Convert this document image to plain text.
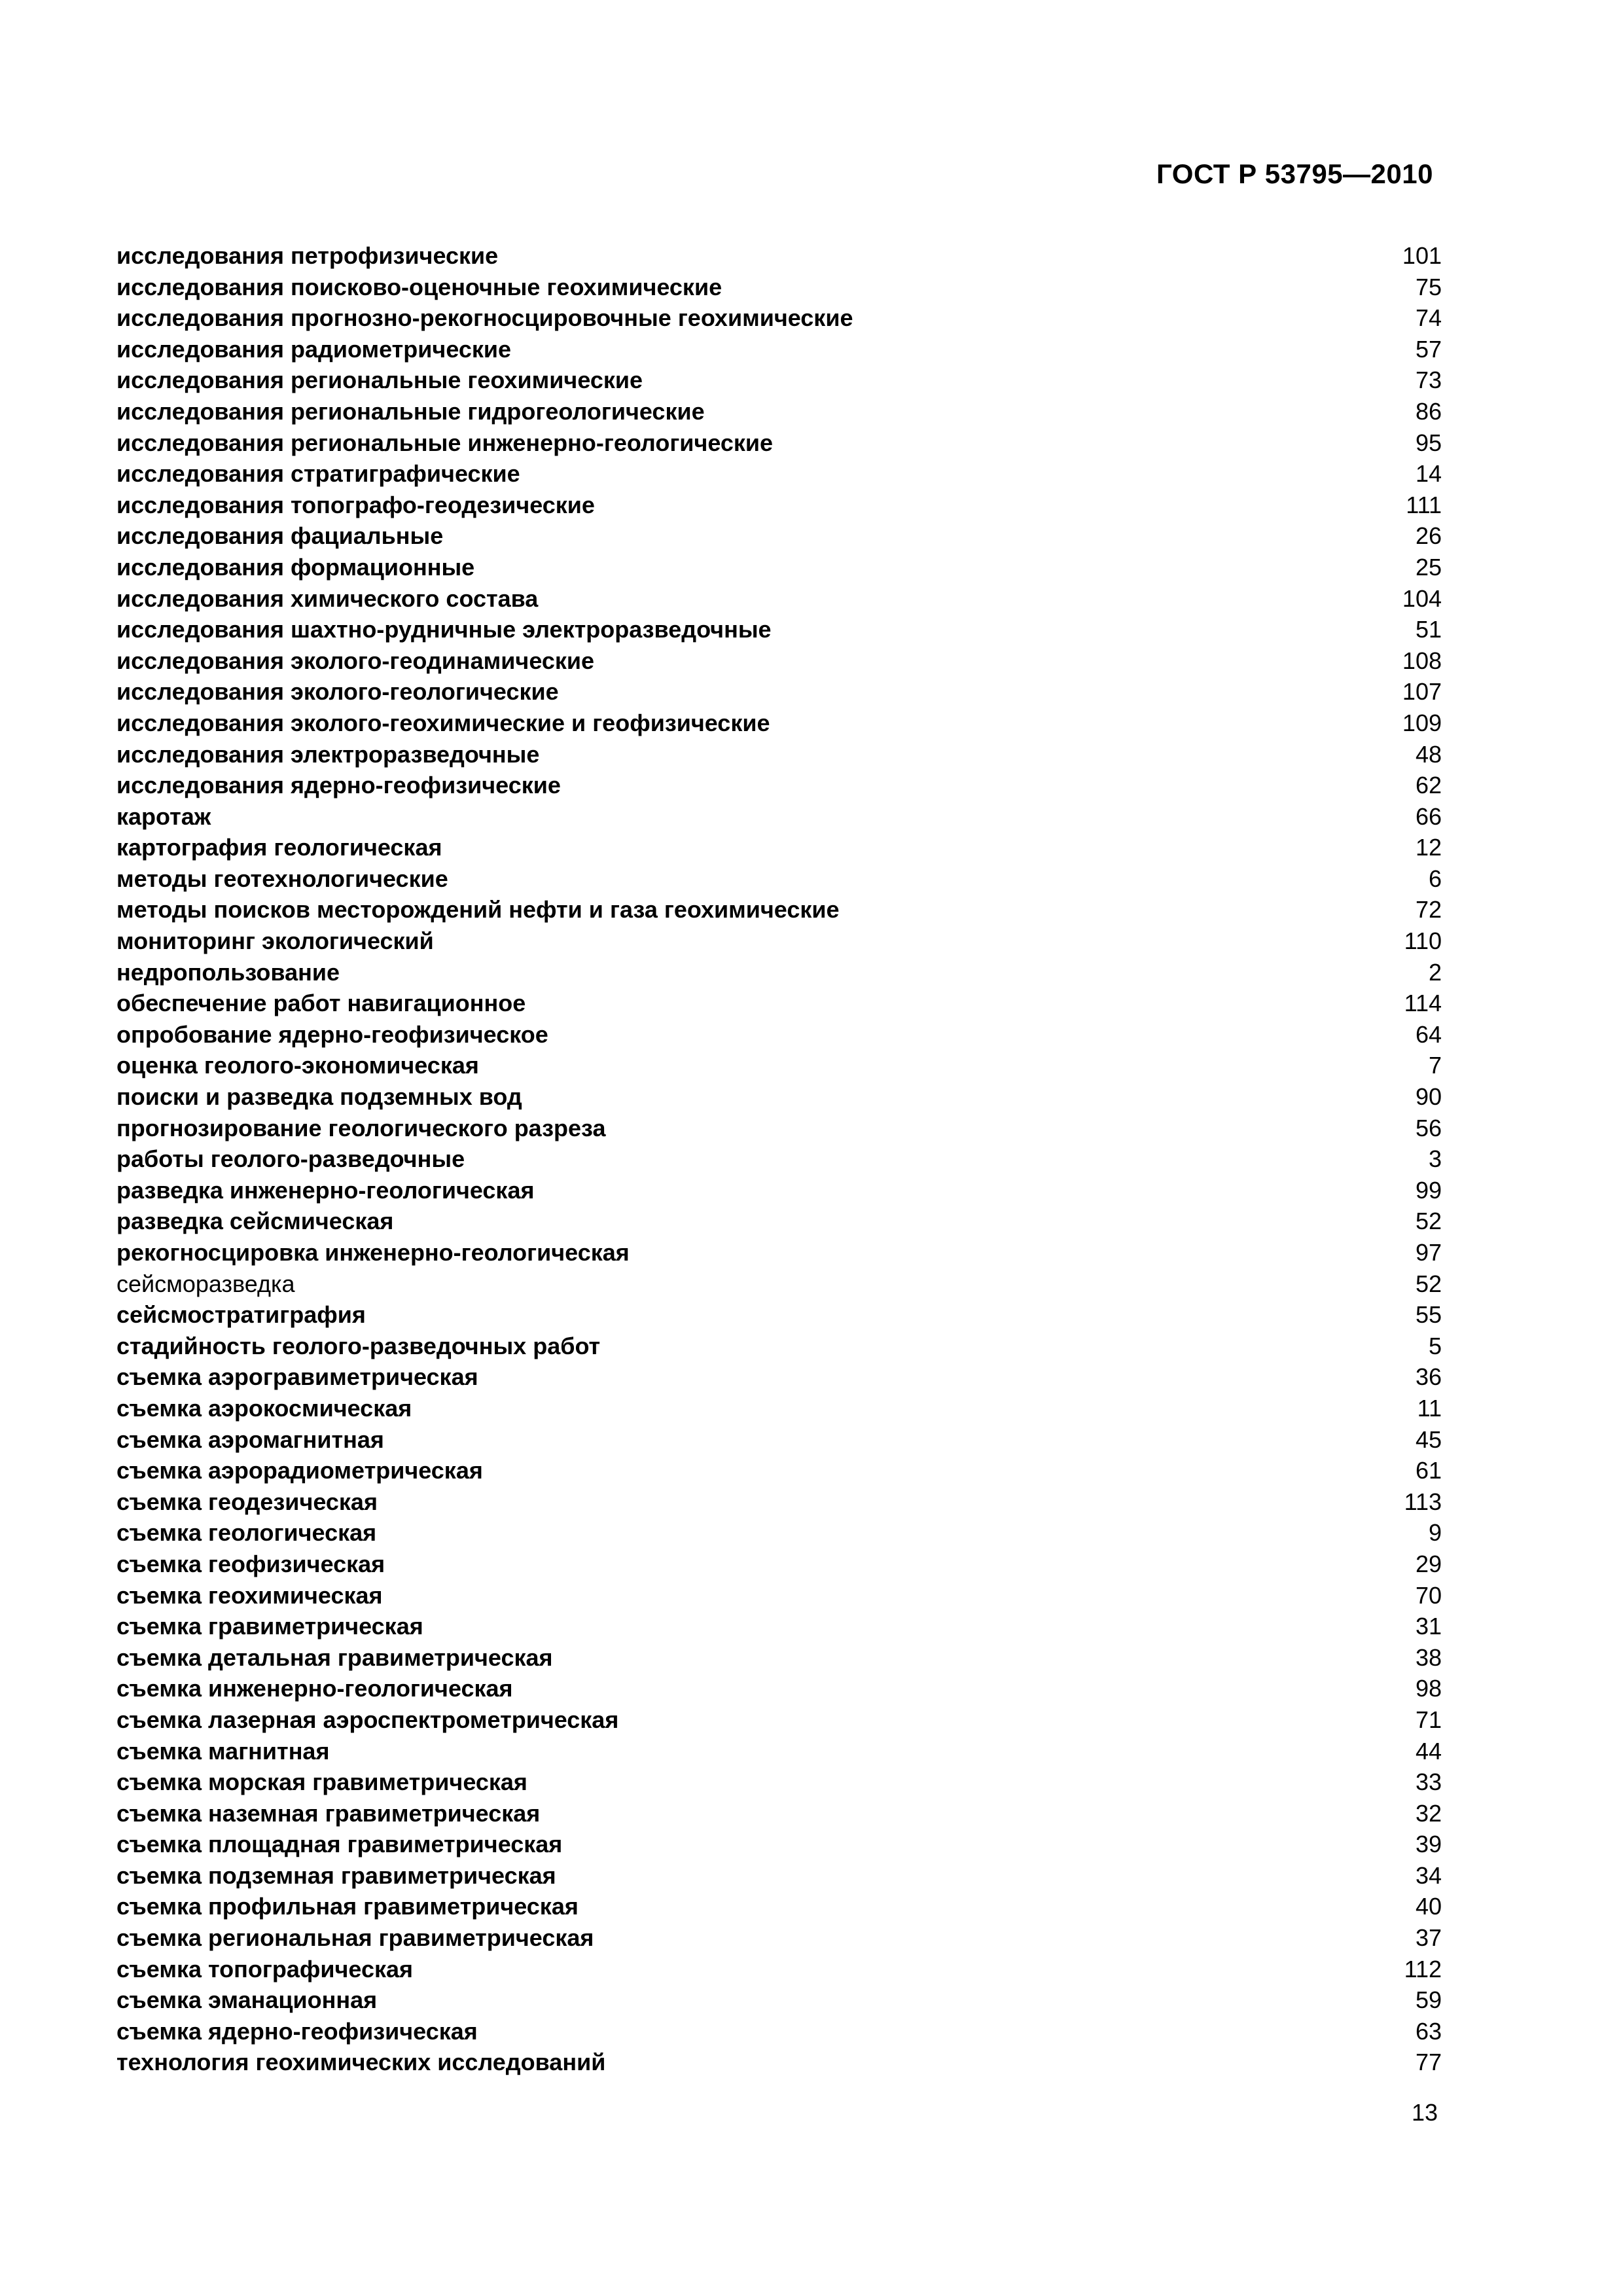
ГОСТ Р 53795—2010
исследования петрофизические	101
исследования поисково-оценочные геохимические	75
исследования прогнозно-рекогносцировочные геохимические	74
исследования радиометрические	57
исследования региональные геохимические	73
исследования региональные гидрогеологические	86
исследования региональные инженерно-геологические	95
исследования стратиграфические	14
исследования топографо-геодезические	111
исследования фациальные	26
исследования формационные	25
исследования химического состава	104
исследования шахтно-рудничные электроразведочные	51
исследования эколого-геодинамические	108
исследования эколого-геологические	107
исследования эколого-геохимические и геофизические	109
исследования электроразведочные	48
исследования ядерно-геофизические	62
каротаж	66
картография геологическая	12
методы геотехнологические	6
методы поисков месторождений нефти и газа геохимические	72
мониторинг экологический	110
недропользование	2
обеспечение работ навигационное	114
опробование ядерно-геофизическое	64
оценка геолого-экономическая	7
поиски и разведка подземных вод	90
прогнозирование геологического разреза	56
работы геолого-разведочные	3
разведка инженерно-геологическая	99
разведка сейсмическая	52
рекогносцировка инженерно-геологическая	97
сейсморазведка	52
сейсмостратиграфия	55
стадийность геолого-разведочных работ	5
съемка аэрогравиметрическая	36
съемка аэрокосмическая	11
съемка аэромагнитная	45
съемка аэрорадиометрическая	61
съемка геодезическая	113
съемка геологическая	9
съемка геофизическая	29
съемка геохимическая	70
съемка гравиметрическая	31
съемка детальная гравиметрическая	38
съемка инженерно-геологическая	98
съемка лазерная аэроспектрометрическая	71
съемка магнитная	44
съемка морская гравиметрическая	33
съемка наземная гравиметрическая	32
съемка площадная гравиметрическая	39
съемка подземная гравиметрическая	34
съемка профильная гравиметрическая	40
съемка региональная гравиметрическая	37
съемка топографическая	112
съемка эманационная	59
съемка ядерно-геофизическая	63
технология геохимических исследований	77
13
